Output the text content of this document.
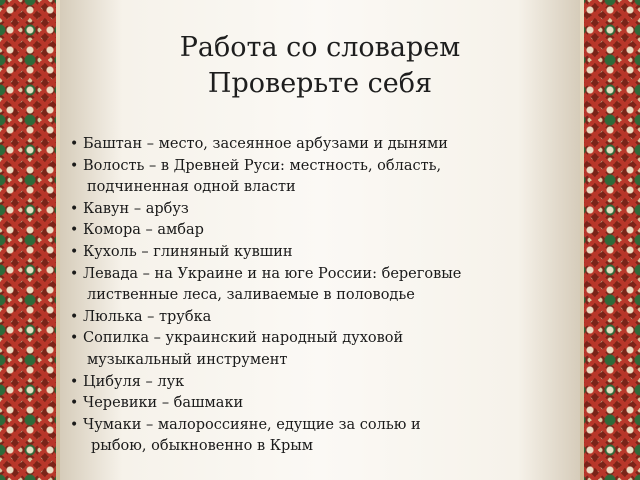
Работа со словарем
Проверьте себя
• Баштан – место, засеянное арбузами и дынями
• Волость – в Древней Руси: местность, область,
подчиненная одной власти
• Кавун – арбуз
• Комора – амбар
• Кухоль – глиняный кувшин
• Левада – на Украине и на юге России: береговые
лиственные леса, заливаемые в половодье
• Люлька – трубка
• Сопилка – украинский народный духовой
музыкальный инструмент
• Цибуля – лук
• Черевики – башмаки
• Чумаки – малороссияне, едущие за солью и
рыбою, обыкновенно в Крым
